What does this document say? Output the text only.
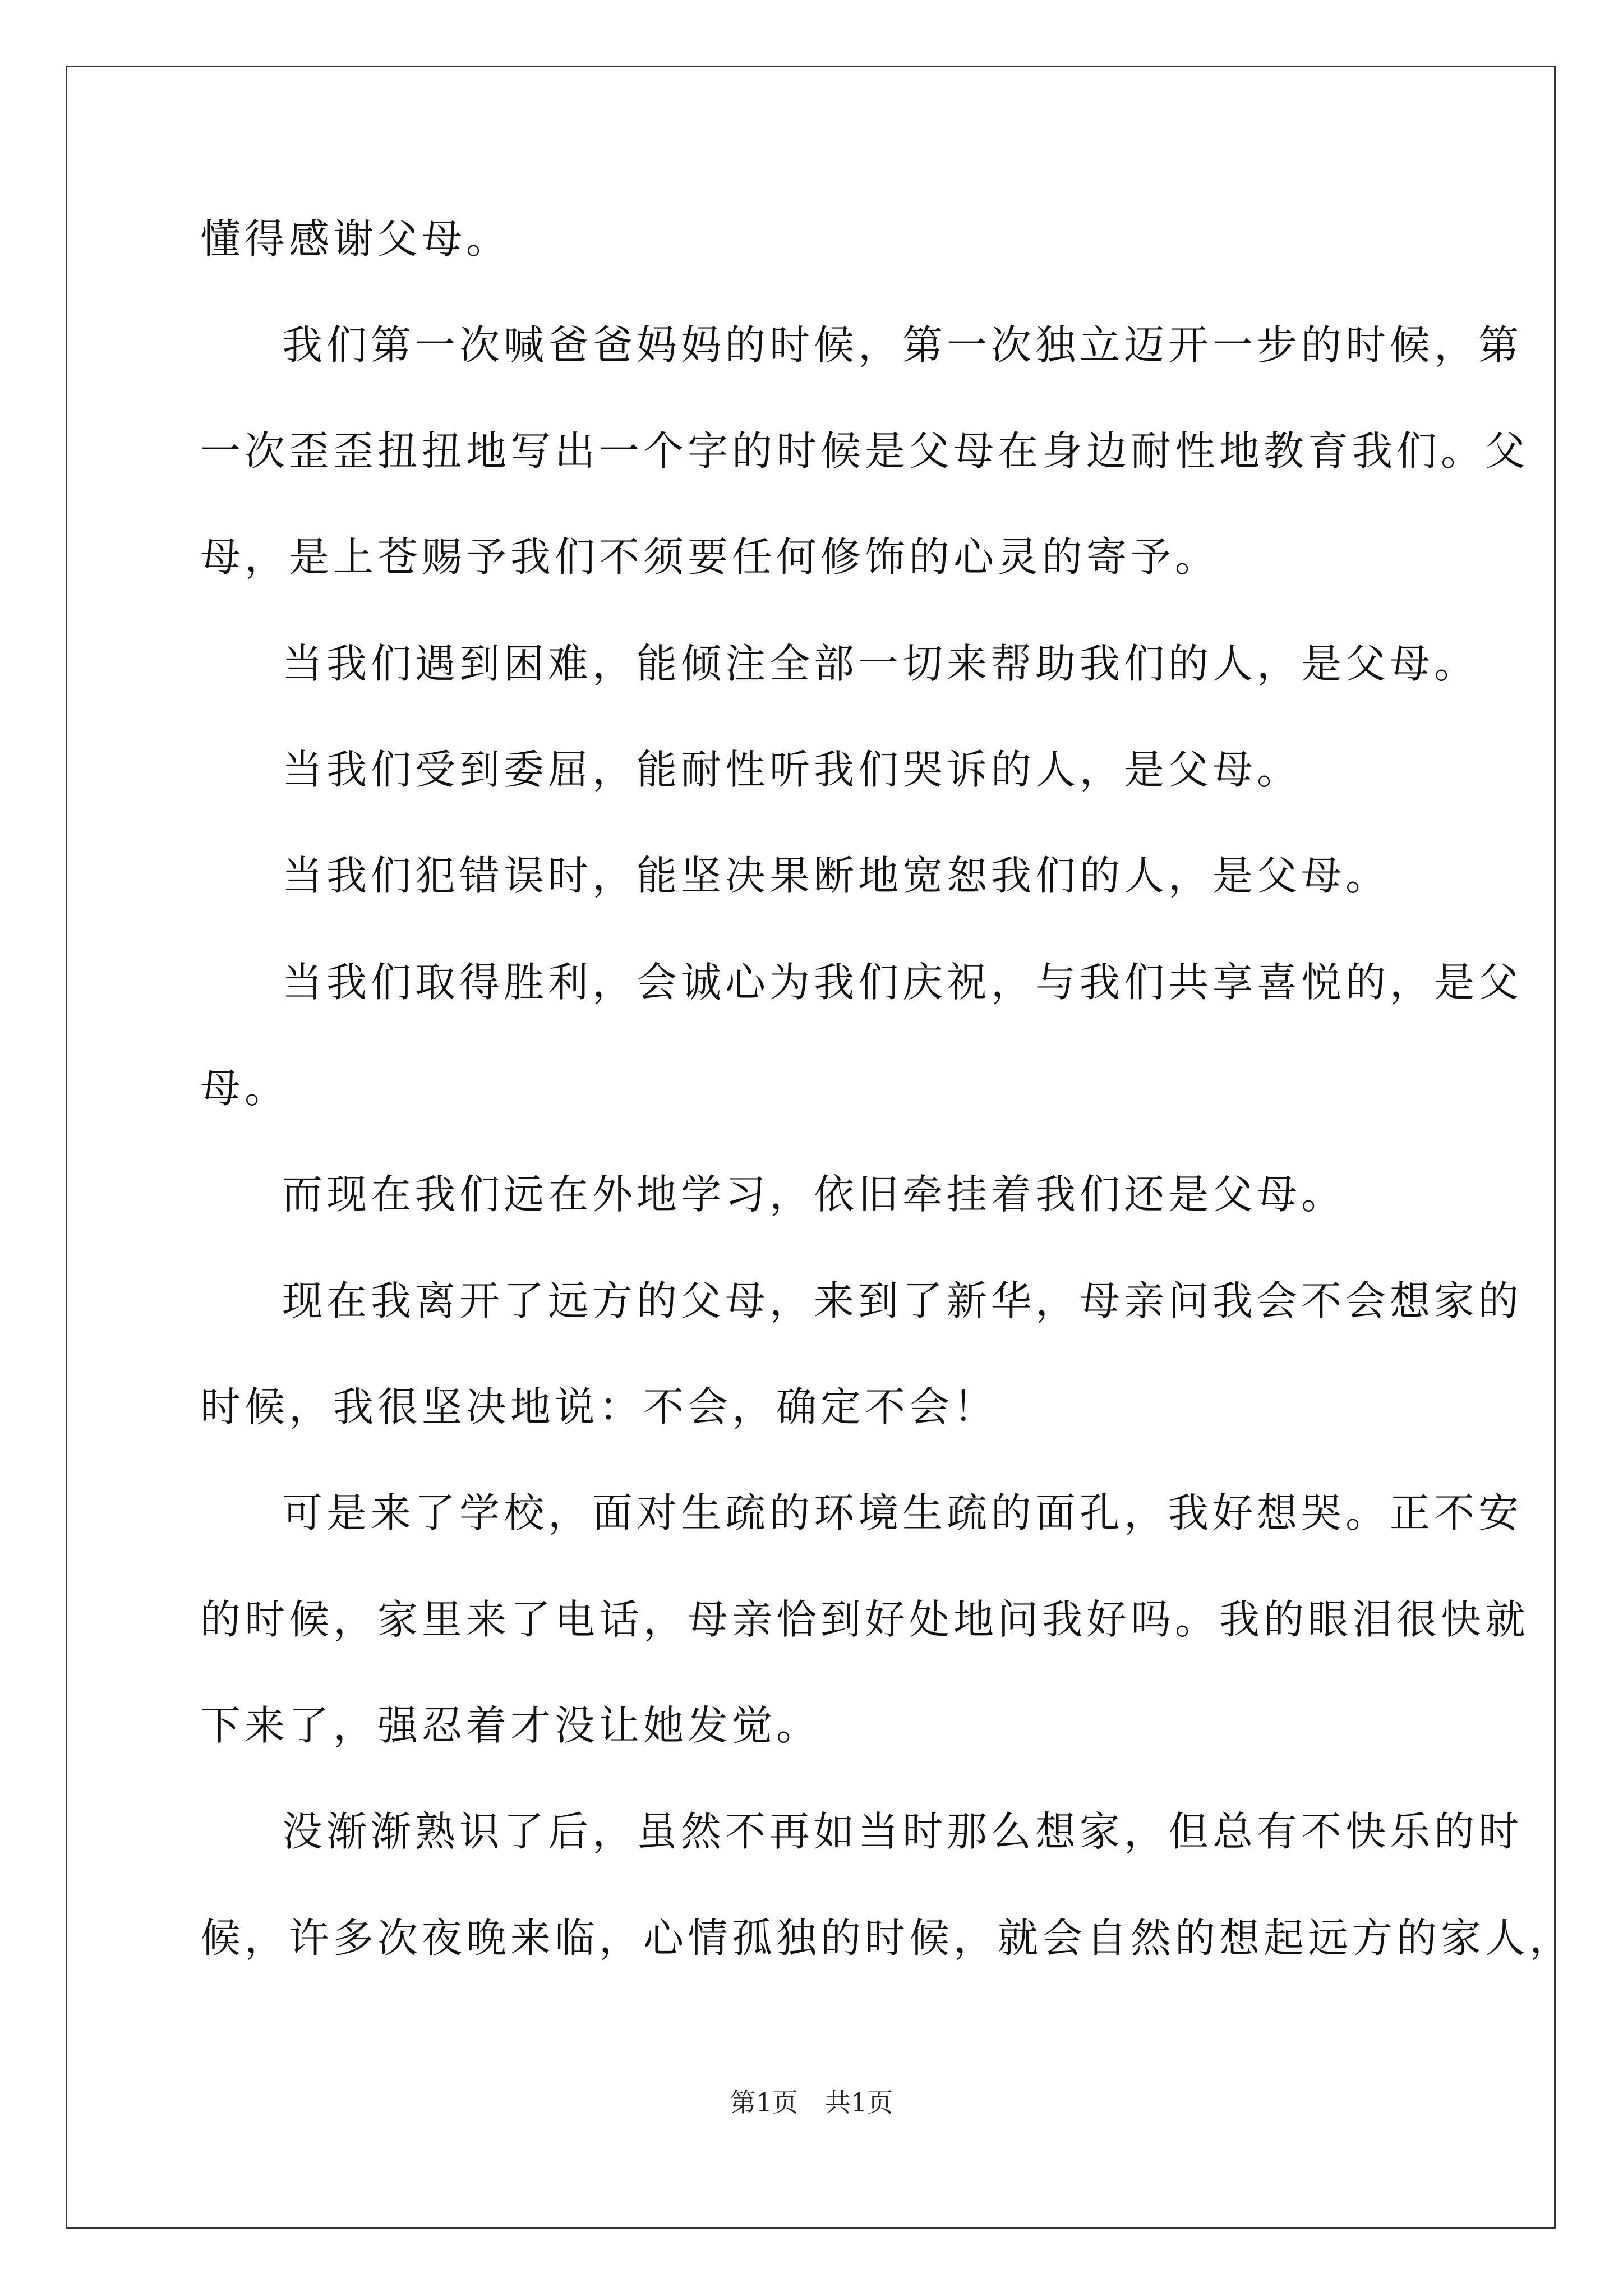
懂得感谢父母。
我们第一次喊爸爸妈妈的时候，第一次独立迈开一步的时候，第
一次歪歪扭扭地写出一个字的时候是父母在身边耐性地教育我们。父
母，是上苍赐予我们不须要任何修饰的心灵的寄予。
当我们遇到困难，能倾注全部一切来帮助我们的人，是父母。
当我们受到委屈，能耐性听我们哭诉的人，是父母。
当我们犯错误时，能坚决果断地宽恕我们的人，是父母。
当我们取得胜利，会诚心为我们庆祝，与我们共享喜悦的，是父
母。
而现在我们远在外地学习，依旧牵挂着我们还是父母。
现在我离开了远方的父母，来到了新华，母亲问我会不会想家的
时候，我很坚决地说：不会，确定不会！
可是来了学校，面对生疏的环境生疏的面孔，我好想哭。正不安
的时候，家里来了电话，母亲恰到好处地问我好吗。我的眼泪很快就
下来了，强忍着才没让她发觉。
没渐渐熟识了后，虽然不再如当时那么想家，但总有不快乐的时
候，许多次夜晚来临，心情孤独的时候，就会自然的想起远方的家人，
第1页 共1页
